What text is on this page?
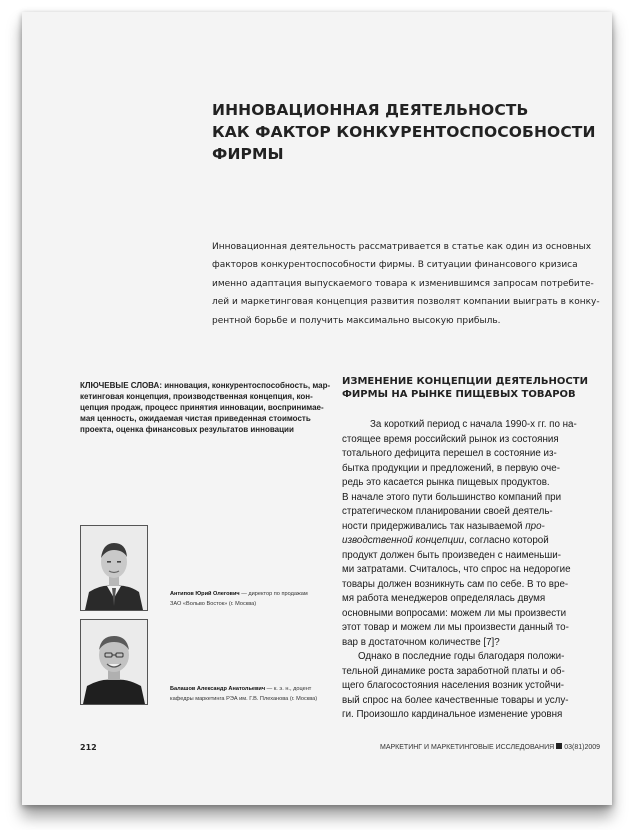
ИННОВАЦИОННАЯ ДЕЯТЕЛЬНОСТЬ
КАК ФАКТОР КОНКУРЕНТОСПОСОБНОСТИ
ФИРМЫ
Инновационная деятельность рассматривается в статье как один из основных
факторов конкурентоспособности фирмы. В ситуации финансового кризиса
именно адаптация выпускаемого товара к изменившимся запросам потребите-
лей и маркетинговая концепция развития позволят компании выиграть в конку-
рентной борьбе и получить максимально высокую прибыль.
КЛЮЧЕВЫЕ СЛОВА: инновация, конкурентоспособность, мар-
кетинговая концепция, производственная концепция, кон-
цепция продаж, процесс принятия инновации, воспринимае-
мая ценность, ожидаемая чистая приведенная стоимость
проекта, оценка финансовых результатов инновации
Антипов Юрий Олегович — директор по продажам
ЗАО «Вольво Восток» (г. Москва)
Балашов Александр Анатольевич — к. э. н., доцент
кафедры маркетинга РЭА им. Г.В. Плеханова (г. Москва)
ИЗМЕНЕНИЕ КОНЦЕПЦИИ ДЕЯТЕЛЬНОСТИ
ФИРМЫ НА РЫНКЕ ПИЩЕВЫХ ТОВАРОВ
За короткий период с начала 1990-х гг. по на-
стоящее время российский рынок из состояния
тотального дефицита перешел в состояние из-
бытка продукции и предложений, в первую оче-
редь это касается рынка пищевых продуктов.
В начале этого пути большинство компаний при
стратегическом планировании своей деятель-
ности придерживались так называемой про-
изводственной концепции, согласно которой
продукт должен быть произведен с наименьши-
ми затратами. Считалось, что спрос на недорогие
товары должен возникнуть сам по себе. В то вре-
мя работа менеджеров определялась двумя
основными вопросами: можем ли мы произвести
этот товар и можем ли мы произвести данный то-
вар в достаточном количестве [7]?
Однако в последние годы благодаря положи-
тельной динамике роста заработной платы и об-
щего благосостояния населения возник устойчи-
вый спрос на более качественные товары и услу-
ги. Произошло кардинальное изменение уровня
212	МАРКЕТИНГ И МАРКЕТИНГОВЫЕ ИССЛЕДОВАНИЯ 03(81)2009
